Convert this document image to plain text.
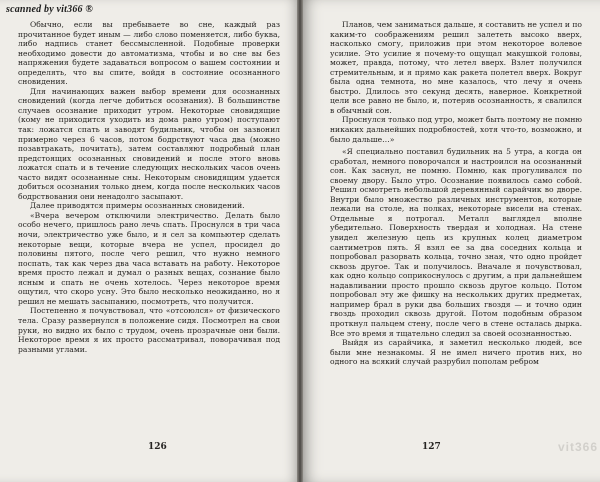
scanned by vit366 ®

Обычно, если вы пребываете во сне, каждый раз прочитанное будет иным — либо слово поменяется, либо буква, либо надпись станет бессмысленной. Подобные проверки необходимо довести до автоматизма, чтобы и во сне вы без напряжения будете задаваться вопросом о вашем состоянии и определять, что вы спите, войдя в состояние осознанного сновидения.

Для начинающих важен выбор времени для осознанных сновидений (когда легче добиться осознания). В большинстве случаев осознание приходит утром. Некоторые сновидящие (кому не приходится уходить из дома рано утром) поступают так: ложатся спать и заводят будильник, чтобы он зазвонил примерно через 6 часов, потом бодрствуют часа два (можно позавтракать, почитать), затем составляют подробный план предстоящих осознанных сновидений и после этого вновь ложатся спать и в течение следующих нескольких часов очень часто видят осознанные сны. Некоторым сновидящим удается добиться осознания только днем, когда после нескольких часов бодрствования они ненадолго засыпают.

Далее приводятся примеры осознанных сновидений.

«Вчера вечером отключили электричество. Делать было особо нечего, пришлось рано лечь спать. Проснулся в три часа ночи, электричество уже было, и я сел за компьютер сделать некоторые вещи, которые вчера не успел, просидел до половины пятого, после чего решил, что нужно немного поспать, так как через два часа вставать на работу. Некоторое время просто лежал и думал о разных вещах, сознание было ясным и спать не очень хотелось. Через некоторое время ощутил, что скоро усну. Это было несколько неожиданно, но я решил не мешать засыпанию, посмотреть, что получится.

Постепенно я почувствовал, что «отсоюлся» от физического тела. Сразу развернулся в положение сидя. Посмотрел на свои руки, но видно их было с трудом, очень прозрачные они были. Некоторое время я их просто рассматривал, поворачивая под разными углами.

126

Планов, чем заниматься дальше, я составить не успел и по каким-то соображениям решил залететь высоко вверх, насколько смогу, приложив при этом некоторое волевое усилие. Это усилие я почему-то ощущал макушкой головы, может, правда, потому, что летел вверх. Взлет получился стремительным, и я прямо как ракета полетел вверх. Вокруг была одна темнота, но мне казалось, что лечу я очень быстро. Длилось это секунд десять, наверное. Конкретной цели все равно не было, и, потеряв осознанность, я свалился в обычный сон.

Проснулся только под утро, может быть поэтому не помню никаких дальнейших подробностей, хотя что-то, возможно, и было дальше…»

«Я специально поставил будильник на 5 утра, а когда он сработал, немного поворочался и настроился на осознанный сон. Как заснул, не помню. Помню, как прогуливался по своему двору. Было утро. Осознание появилось само собой. Решил осмотреть небольшой деревянный сарайчик во дворе. Внутри было множество различных инструментов, которые лежали на столе, на полках, некоторые висели на стенах. Отдельные я потрогал. Металл выглядел вполне убедительно. Поверхность твердая и холодная. На стене увидел железную цепь из крупных колец диаметром сантиметров пять. Я взял ее за два соседних кольца и попробовал разорвать кольца, точно зная, что одно пройдет сквозь другое. Так и получилось. Вначале я почувствовал, как одно кольцо соприкоснулось с другим, а при дальнейшем надавливании просто прошло сквозь другое кольцо. Потом попробовал эту же фишку на нескольких других предметах, например брал в руки два больших гвоздя — и точно один гвоздь проходил сквозь другой. Потом подобным образом проткнул пальцем стену, после чего в стене осталась дырка. Все это время я тщательно следил за своей осознанностью.

Выйдя из сарайчика, я заметил несколько людей, все были мне незнакомы. Я не имел ничего против них, но одного на всякий случай разрубил пополам ребром

127	vit366
